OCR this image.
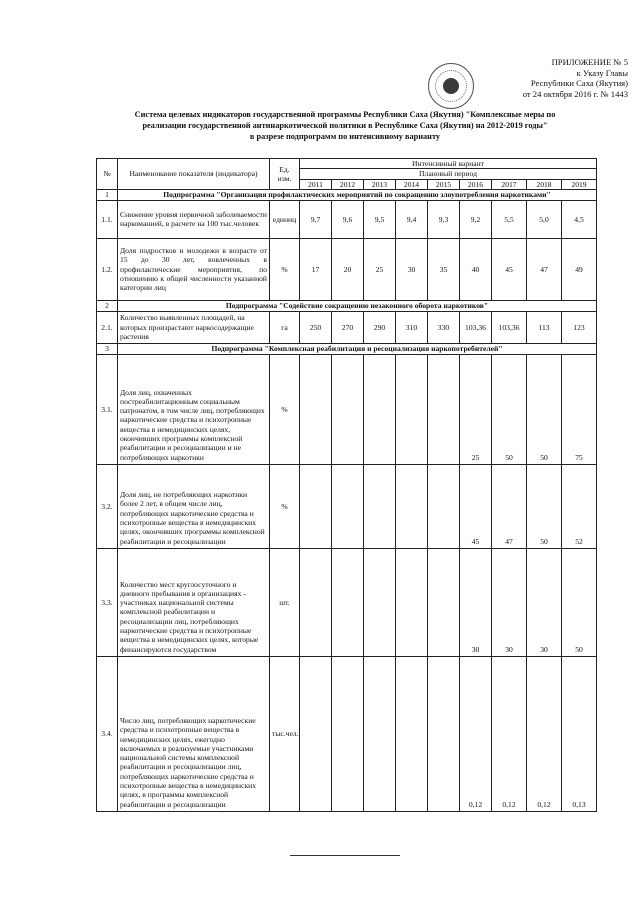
ПРИЛОЖЕНИЕ № 5
к Указу Главы
Республики Саха (Якутия)
от 24 октября 2016 г. № 1443
Система целевых индикаторов государственной программы Республики Саха (Якутия) "Комплексные меры по
реализации государственной антинаркотической политики в Республике Саха (Якутия) на 2012-2019 годы"
в разрезе подпрограмм по интенсивному варианту
№	Наименование показателя (индикатора)	Ед. изм.	Интенсивный вариант								
			Плановый период								
			2011	2012	2013	2014	2015	2016	2017	2018	2019
1	Подпрограмма "Организация профилактических мероприятий по сокращению злоупотребления наркотиками"										
1.1.	Снижение уровня первичной заболеваемости наркоманией, в расчете на 100 тыс.человек	единиц	9,7	9,6	9,5	9,4	9,3	9,2	5,5	5,0	4,5
1.2.	Доля подростков и молодежи в возрасте от 15 до 30 лет, вовлеченных в профилактические мероприятия, по отношению к общей численности указанной категории лиц	%	17	20	25	30	35	40	45	47	49
2	Подпрограмма "Содействие сокращению незаконного оборота наркотиков"										
2.1.	Количество выявленных площадей, на которых произрастают наркосодержащие растения	га	250	270	290	310	330	103,36	103,36	113	123
3	Подпрограмма "Комплексная реабилитация и ресоциализация наркопотребителей"										
3.1.	Доля лиц, охваченных постреабилитационным социальным патронатом, в том числе лиц, потребляющих наркотические средства и психотропные вещества в немедицинских целях, окончивших программы комплексной реабилитации и ресоциализации и не потребляющих наркотики	%						25	50	50	75
3.2.	Доля лиц, не потребляющих наркотики более 2 лет, в общем числе лиц, потребляющих наркотические средства и психотропные вещества в немедицинских целях, окончивших программы комплексной реабилитации и ресоциализации	%						45	47	50	52
3.3.	Количество мест круглосуточного и дневного пребывания в организациях - участниках национальной системы комплексной реабилитации и ресоциализации лиц, потребляющих наркотические средства и психотропные вещества в немедицинских целях, которые финансируются государством	шт.						30	30	30	50
3.4.	Число лиц, потребляющих наркотические средства и психотропные вещества в немедицинских целях, ежегодно включаемых в реализуемые участниками национальной системы комплексной реабилитации и ресоциализации лиц, потребляющих наркотические средства и психотропные вещества в немедицинских целях, в программы комплексной реабилитации и ресоциализации	тыс.чел.						0,12	0,12	0,12	0,13
